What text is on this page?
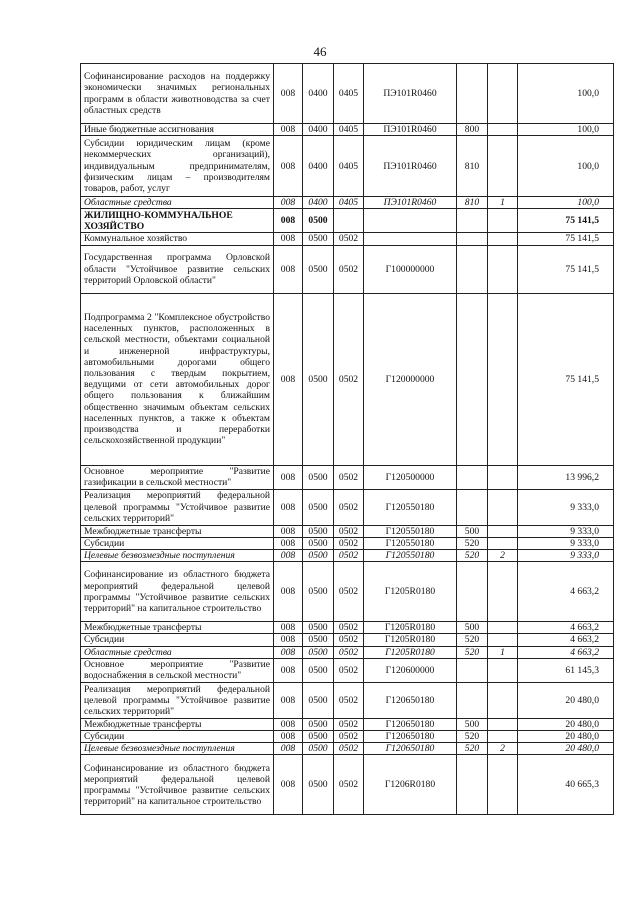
46
Софинансирование расходов на поддержку экономически значимых региональных программ в области животноводства за счет областных средств	008	0400	0405	ПЭ101R0460			100,0
Иные бюджетные ассигнования	008	0400	0405	ПЭ101R0460	800		100,0
Субсидии юридическим лицам (кроме некоммерческих организаций), индивидуальным предпринимателям, физическим лицам – производителям товаров, работ, услуг	008	0400	0405	ПЭ101R0460	810		100,0
Областные средства	008	0400	0405	ПЭ101R0460	810	1	100,0
ЖИЛИЩНО-КОММУНАЛЬНОЕ ХОЗЯЙСТВО	008	0500					75 141,5
Коммунальное хозяйство	008	0500	0502				75 141,5
Государственная программа Орловской области "Устойчивое развитие сельских территорий Орловской области"	008	0500	0502	Г100000000			75 141,5
Подпрограмма 2 "Комплексное обустройство населенных пунктов, расположенных в сельской местности, объектами социальной и инженерной инфраструктуры, автомобильными дорогами общего пользования с твердым покрытием, ведущими от сети автомобильных дорог общего пользования к ближайшим общественно значимым объектам сельских населенных пунктов, а также к объектам производства и переработки сельскохозяйственной продукции"	008	0500	0502	Г120000000			75 141,5
Основное мероприятие "Развитие газификации в сельской местности"	008	0500	0502	Г120500000			13 996,2
Реализация мероприятий федеральной целевой программы "Устойчивое развитие сельских территорий"	008	0500	0502	Г120550180			9 333,0
Межбюджетные трансферты	008	0500	0502	Г120550180	500		9 333,0
Субсидии	008	0500	0502	Г120550180	520		9 333,0
Целевые безвозмездные поступления	008	0500	0502	Г120550180	520	2	9 333,0
Софинансирование из областного бюджета мероприятий федеральной целевой программы "Устойчивое развитие сельских территорий" на капитальное строительство	008	0500	0502	Г1205R0180			4 663,2
Межбюджетные трансферты	008	0500	0502	Г1205R0180	500		4 663,2
Субсидии	008	0500	0502	Г1205R0180	520		4 663,2
Областные средства	008	0500	0502	Г1205R0180	520	1	4 663,2
Основное мероприятие "Развитие водоснабжения в сельской местности"	008	0500	0502	Г120600000			61 145,3
Реализация мероприятий федеральной целевой программы "Устойчивое развитие сельских территорий"	008	0500	0502	Г120650180			20 480,0
Межбюджетные трансферты	008	0500	0502	Г120650180	500		20 480,0
Субсидии	008	0500	0502	Г120650180	520		20 480,0
Целевые безвозмездные поступления	008	0500	0502	Г120650180	520	2	20 480,0
Софинансирование из областного бюджета мероприятий федеральной целевой программы "Устойчивое развитие сельских территорий" на капитальное строительство	008	0500	0502	Г1206R0180			40 665,3
